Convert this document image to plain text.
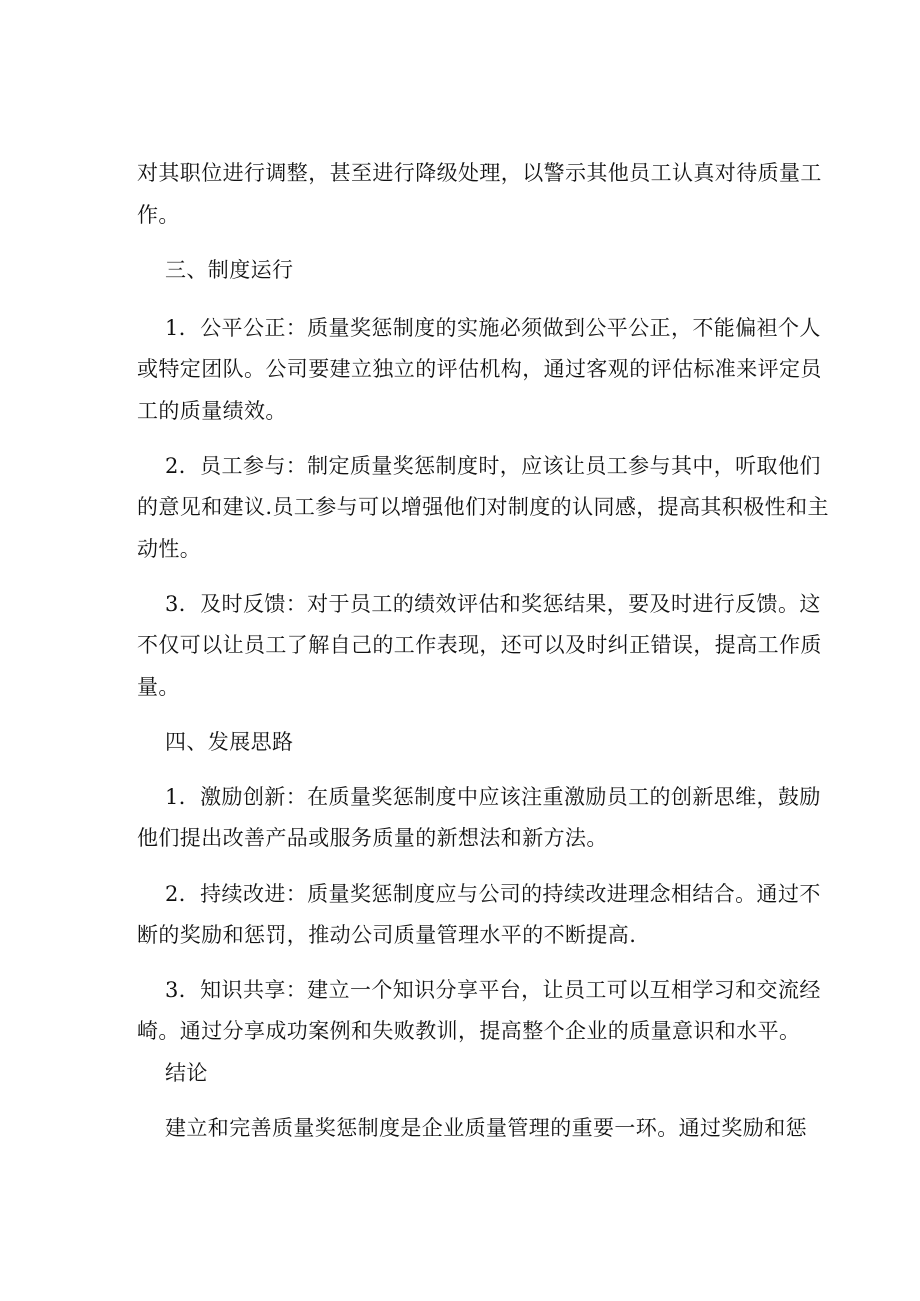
对其职位进行调整，甚至进行降级处理，以警示其他员工认真对待质量工
作。
三、制度运行
1．公平公正：质量奖惩制度的实施必须做到公平公正，不能偏袒个人
或特定团队。公司要建立独立的评估机构，通过客观的评估标准来评定员
工的质量绩效。
2．员工参与：制定质量奖惩制度时，应该让员工参与其中，听取他们
的意见和建议.员工参与可以增强他们对制度的认同感，提高其积极性和主
动性。
3．及时反馈：对于员工的绩效评估和奖惩结果，要及时进行反馈。这
不仅可以让员工了解自己的工作表现，还可以及时纠正错误，提高工作质
量。
四、发展思路
1．激励创新：在质量奖惩制度中应该注重激励员工的创新思维，鼓励
他们提出改善产品或服务质量的新想法和新方法。
2．持续改进：质量奖惩制度应与公司的持续改进理念相结合。通过不
断的奖励和惩罚，推动公司质量管理水平的不断提高.
3．知识共享：建立一个知识分享平台，让员工可以互相学习和交流经
崎。通过分享成功案例和失败教训，提高整个企业的质量意识和水平。
结论
建立和完善质量奖惩制度是企业质量管理的重要一环。通过奖励和惩
